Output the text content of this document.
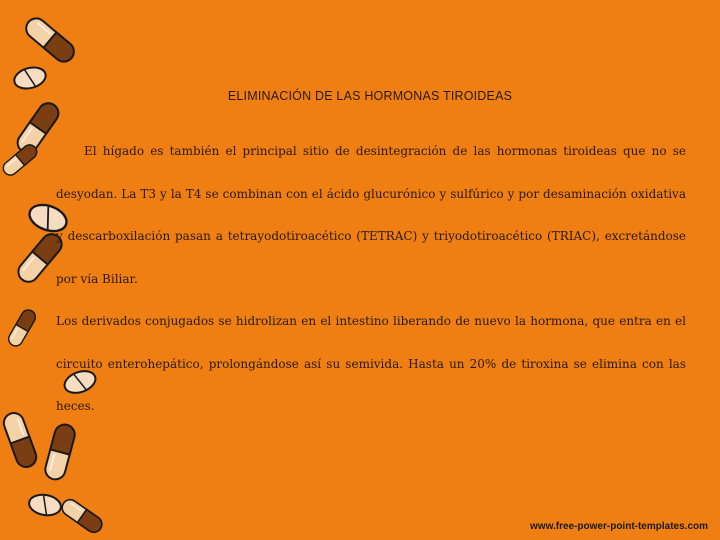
ELIMINACIÓN DE LAS HORMONAS TIROIDEAS

El hígado es también el principal sitio de desintegración de las hormonas tiroideas que no se desyodan. La T3 y la T4 se combinan con el ácido glucurónico y sulfúrico y por desaminación oxidativa y descarboxilación pasan a tetrayodotiroacético (TETRAC) y triyodotiroacético (TRIAC), excretándose por vía Biliar.

Los derivados conjugados se hidrolizan en el intestino liberando de nuevo la hormona, que entra en el circuito enterohepático, prolongándose así su semivida. Hasta un 20% de tiroxina se elimina con las heces.

www.free-power-point-templates.com
